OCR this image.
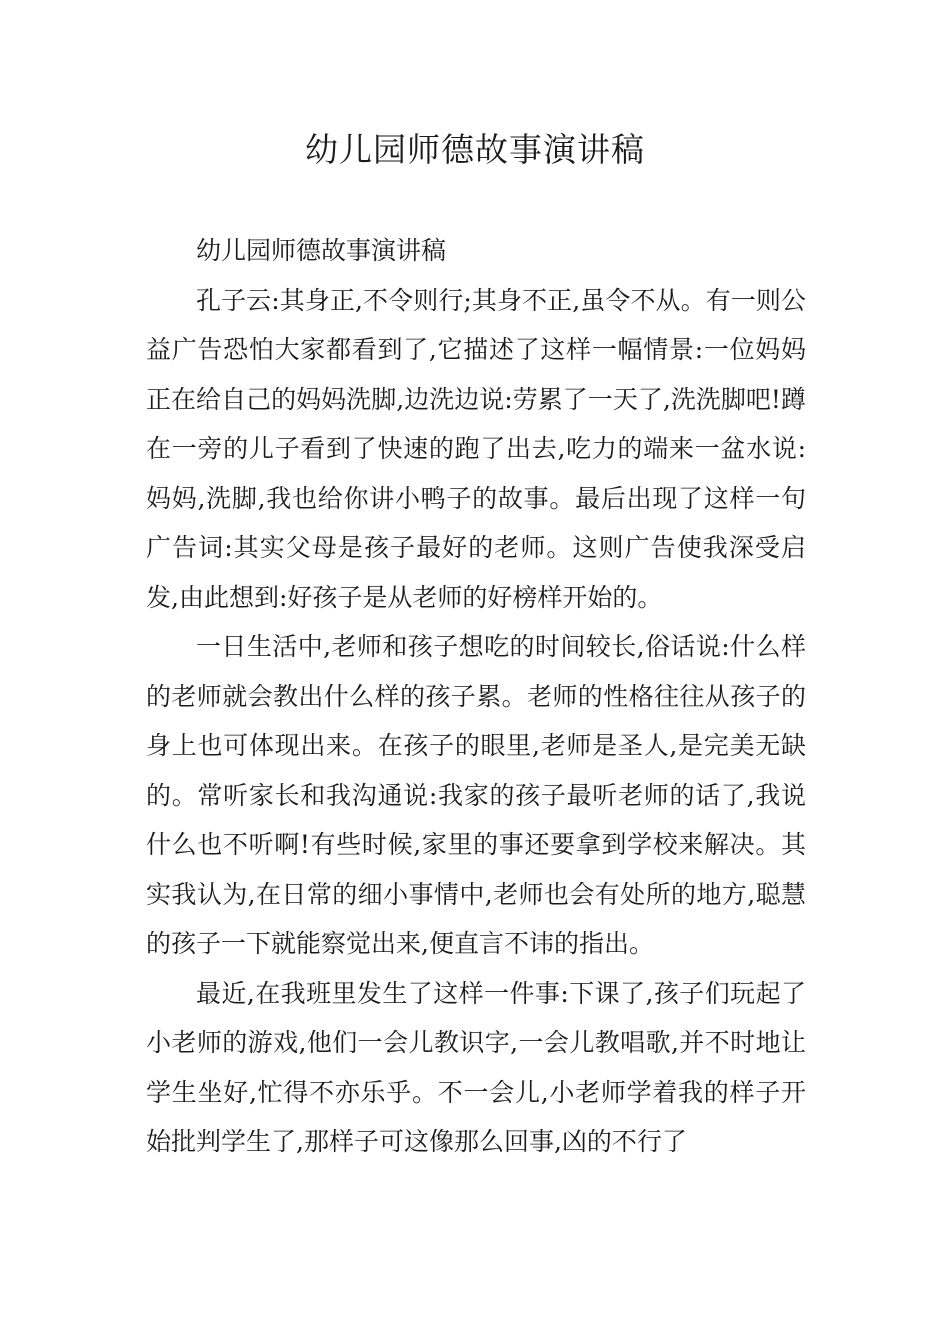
幼儿园师德故事演讲稿

幼儿园师德故事演讲稿

孔子云:其身正,不令则行;其身不正,虽令不从。有一则公益广告恐怕大家都看到了,它描述了这样一幅情景:一位妈妈正在给自己的妈妈洗脚,边洗边说:劳累了一天了,洗洗脚吧!蹲在一旁的儿子看到了快速的跑了出去,吃力的端来一盆水说:妈妈,洗脚,我也给你讲小鸭子的故事。最后出现了这样一句广告词:其实父母是孩子最好的老师。这则广告使我深受启发,由此想到:好孩子是从老师的好榜样开始的。

一日生活中,老师和孩子想吃的时间较长,俗话说:什么样的老师就会教出什么样的孩子累。老师的性格往往从孩子的身上也可体现出来。在孩子的眼里,老师是圣人,是完美无缺的。常听家长和我沟通说:我家的孩子最听老师的话了,我说什么也不听啊!有些时候,家里的事还要拿到学校来解决。其实我认为,在日常的细小事情中,老师也会有处所的地方,聪慧的孩子一下就能察觉出来,便直言不讳的指出。

最近,在我班里发生了这样一件事:下课了,孩子们玩起了小老师的游戏,他们一会儿教识字,一会儿教唱歌,并不时地让学生坐好,忙得不亦乐乎。不一会儿,小老师学着我的样子开始批判学生了,那样子可这像那么回事,凶的不行了
